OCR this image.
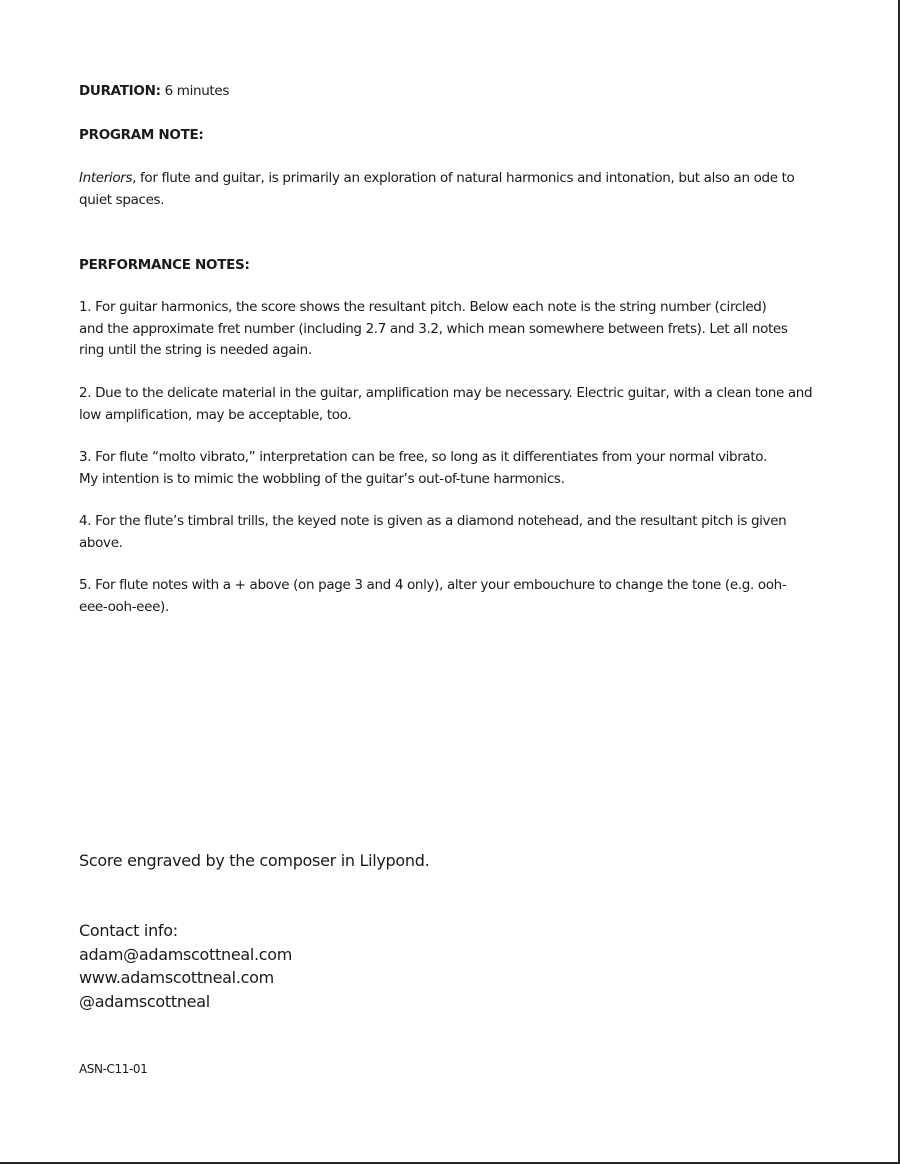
DURATION: 6 minutes

PROGRAM NOTE:

Interiors, for flute and guitar, is primarily an exploration of natural harmonics and intonation, but also an ode to quiet spaces.

PERFORMANCE NOTES:

1. For guitar harmonics, the score shows the resultant pitch. Below each note is the string number (circled) and the approximate fret number (including 2.7 and 3.2, which mean somewhere between frets). Let all notes ring until the string is needed again.

2. Due to the delicate material in the guitar, amplification may be necessary. Electric guitar, with a clean tone and low amplification, may be acceptable, too.

3. For flute “molto vibrato,” interpretation can be free, so long as it differentiates from your normal vibrato. My intention is to mimic the wobbling of the guitar’s out-of-tune harmonics.

4. For the flute’s timbral trills, the keyed note is given as a diamond notehead, and the resultant pitch is given above.

5. For flute notes with a + above (on page 3 and 4 only), alter your embouchure to change the tone (e.g. ooh-eee-ooh-eee).

Score engraved by the composer in Lilypond.

Contact info:
adam@adamscottneal.com
www.adamscottneal.com
@adamscottneal

ASN-C11-01
